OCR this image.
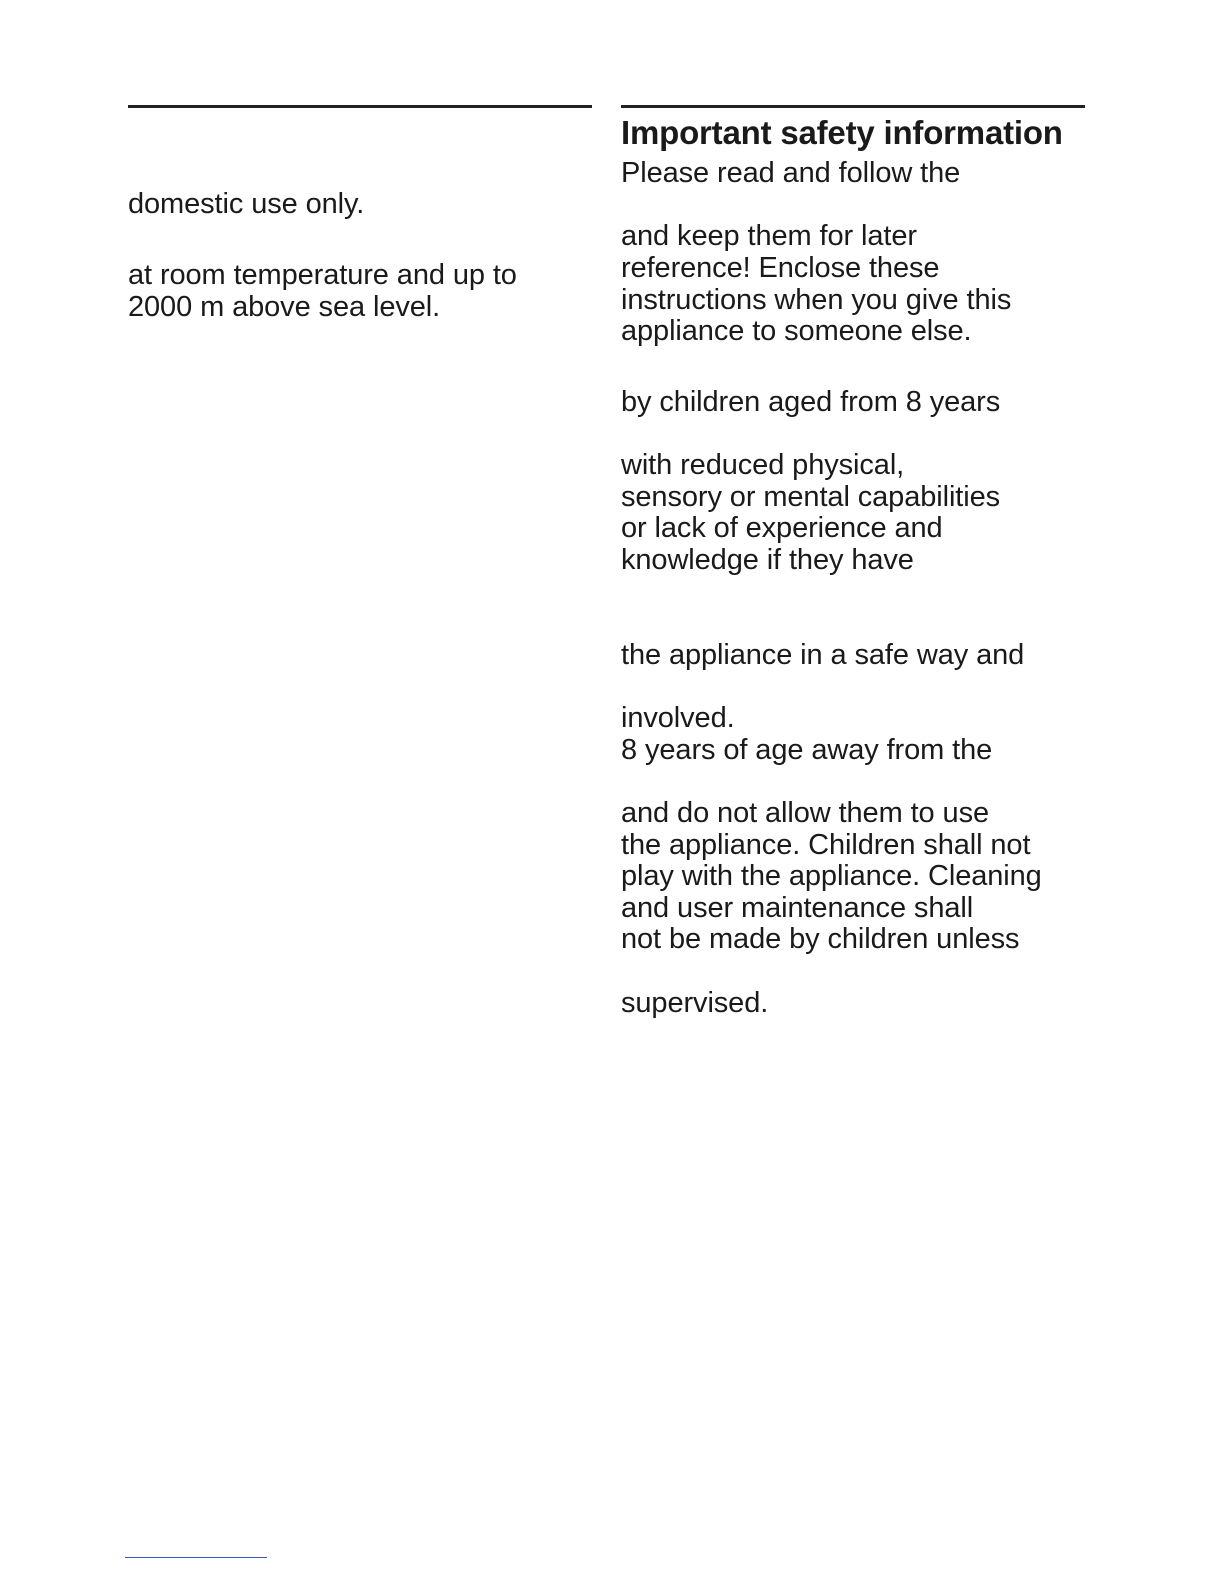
domestic use only.
at room temperature and up to
2000 m above sea level.
Important safety information
Please read and follow the
and keep them for later
reference! Enclose these
instructions when you give this
appliance to someone else.
by children aged from 8 years
with reduced physical,
sensory or mental capabilities
or lack of experience and
knowledge if they have
the appliance in a safe way and
involved.
8 years of age away from the
and do not allow them to use
the appliance. Children shall not
play with the appliance. Cleaning
and user maintenance shall
not be made by children unless
supervised.
